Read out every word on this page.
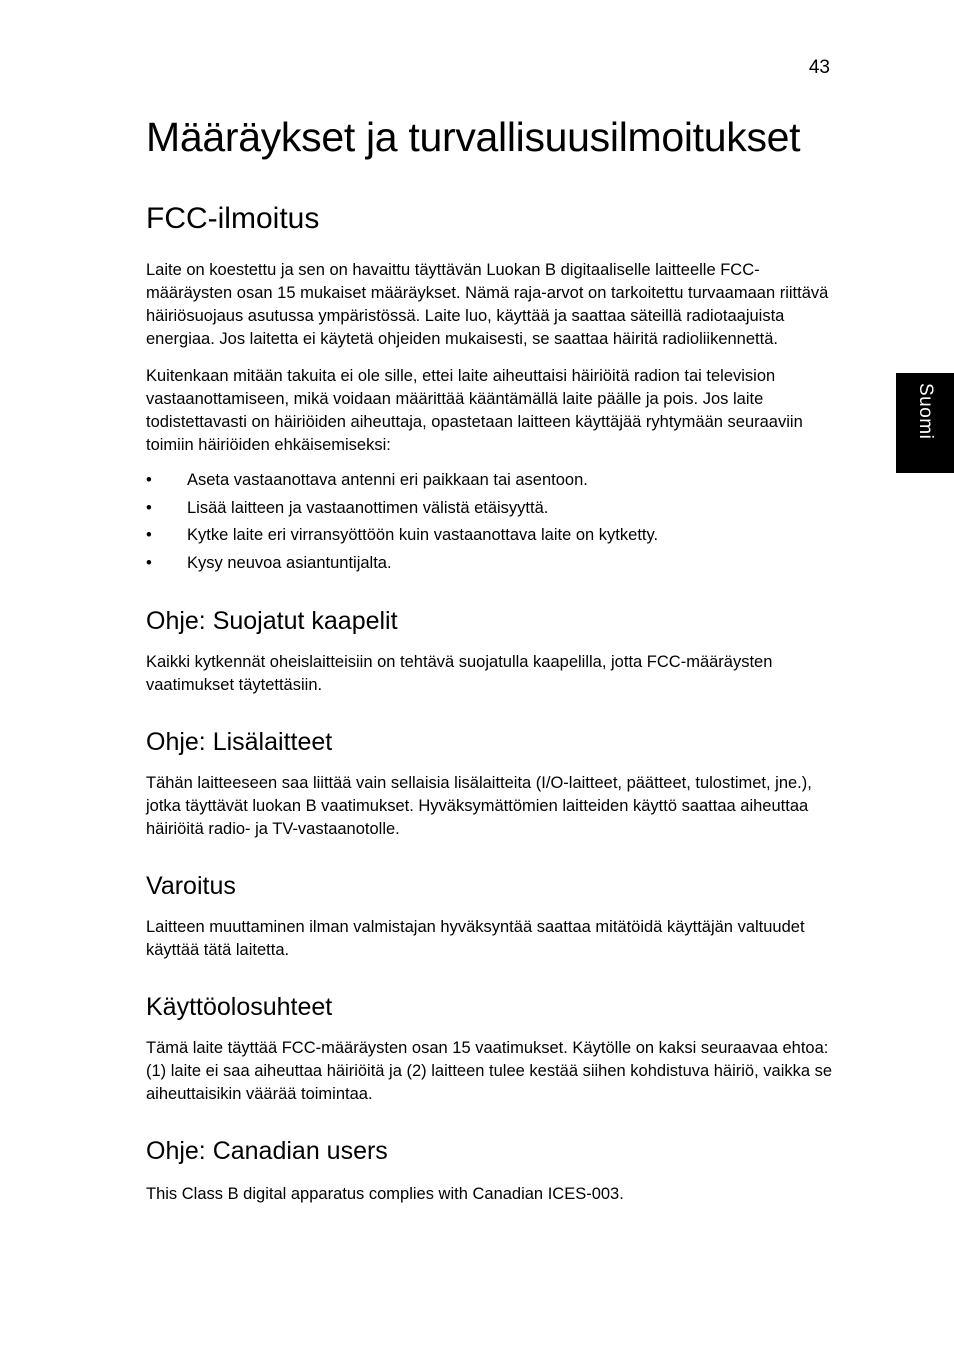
43
Suomi
Määräykset ja turvallisuusilmoitukset
FCC-ilmoitus

Laite on koestettu ja sen on havaittu täyttävän Luokan B digitaaliselle laitteelle FCC-määräysten osan 15 mukaiset määräykset. Nämä raja-arvot on tarkoitettu turvaamaan riittävä häiriösuojaus asutussa ympäristössä. Laite luo, käyttää ja saattaa säteillä radiotaajuista energiaa. Jos laitetta ei käytetä ohjeiden mukaisesti, se saattaa häiritä radioliikennettä.

Kuitenkaan mitään takuita ei ole sille, ettei laite aiheuttaisi häiriöitä radion tai television vastaanottamiseen, mikä voidaan määrittää kääntämällä laite päälle ja pois. Jos laite todistettavasti on häiriöiden aiheuttaja, opastetaan laitteen käyttäjää ryhtymään seuraaviin toimiin häiriöiden ehkäisemiseksi:

• Aseta vastaanottava antenni eri paikkaan tai asentoon.
• Lisää laitteen ja vastaanottimen välistä etäisyyttä.
• Kytke laite eri virransyöttöön kuin vastaanottava laite on kytketty.
• Kysy neuvoa asiantuntijalta.
Ohje: Suojatut kaapelit

Kaikki kytkennät oheislaitteisiin on tehtävä suojatulla kaapelilla, jotta FCC-määräysten vaatimukset täytettäsiin.

Ohje: Lisälaitteet

Tähän laitteeseen saa liittää vain sellaisia lisälaitteita (I/O-laitteet, päätteet, tulostimet, jne.), jotka täyttävät luokan B vaatimukset. Hyväksymättömien laitteiden käyttö saattaa aiheuttaa häiriöitä radio- ja TV-vastaanotolle.

Varoitus

Laitteen muuttaminen ilman valmistajan hyväksyntää saattaa mitätöidä käyttäjän valtuudet käyttää tätä laitetta.

Käyttöolosuhteet

Tämä laite täyttää FCC-määräysten osan 15 vaatimukset. Käytölle on kaksi seuraavaa ehtoa: (1) laite ei saa aiheuttaa häiriöitä ja (2) laitteen tulee kestää siihen kohdistuva häiriö, vaikka se aiheuttaisikin väärää toimintaa.

Ohje: Canadian users

This Class B digital apparatus complies with Canadian ICES-003.
